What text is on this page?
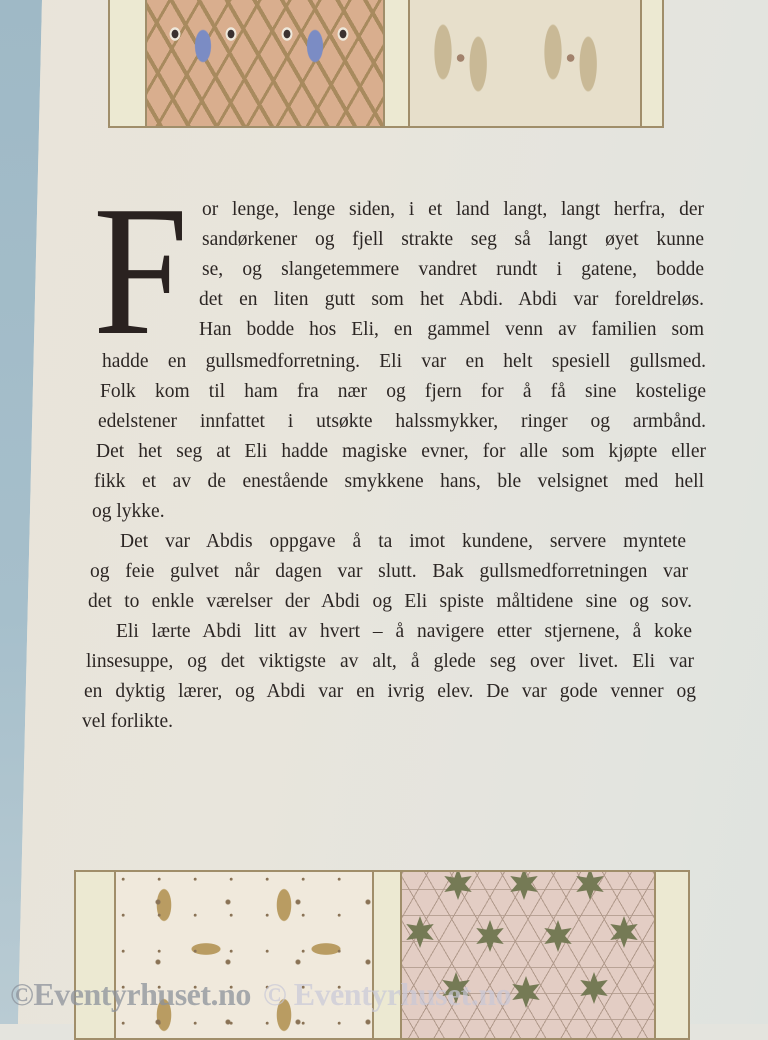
F or lenge, lenge siden, i et land langt, langt herfra, der
sandørkener og fjell strakte seg så langt øyet kunne
se, og slangetemmere vandret rundt i gatene, bodde
det en liten gutt som het Abdi. Abdi var foreldreløs.
Han bodde hos Eli, en gammel venn av familien som
hadde en gullsmedforretning. Eli var en helt spesiell gullsmed.
Folk kom til ham fra nær og fjern for å få sine kostelige
edelstener innfattet i utsøkte halssmykker, ringer og armbånd.
Det het seg at Eli hadde magiske evner, for alle som kjøpte eller
fikk et av de enestående smykkene hans, ble velsignet med hell
og lykke.
Det var Abdis oppgave å ta imot kundene, servere myntete
og feie gulvet når dagen var slutt. Bak gullsmedforretningen var
det to enkle værelser der Abdi og Eli spiste måltidene sine og sov.
Eli lærte Abdi litt av hvert – å navigere etter stjernene, å koke
linsesuppe, og det viktigste av alt, å glede seg over livet. Eli var
en dyktig lærer, og Abdi var en ivrig elev. De var gode venner og
vel forlikte.
©Eventyrhuset.no © Eventyrhuset.no
